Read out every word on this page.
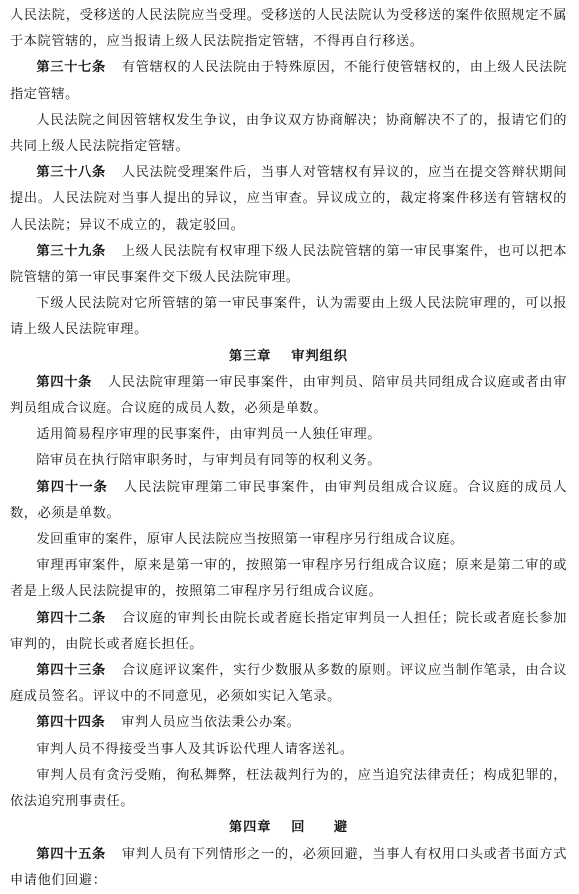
人民法院，受移送的人民法院应当受理。受移送的人民法院认为受移送的案件依照规定不属于本院管辖的，应当报请上级人民法院指定管辖，不得再自行移送。

第三十七条 有管辖权的人民法院由于特殊原因，不能行使管辖权的，由上级人民法院指定管辖。

人民法院之间因管辖权发生争议，由争议双方协商解决；协商解决不了的，报请它们的共同上级人民法院指定管辖。

第三十八条 人民法院受理案件后，当事人对管辖权有异议的，应当在提交答辩状期间提出。人民法院对当事人提出的异议，应当审查。异议成立的，裁定将案件移送有管辖权的人民法院；异议不成立的，裁定驳回。

第三十九条 上级人民法院有权审理下级人民法院管辖的第一审民事案件，也可以把本院管辖的第一审民事案件交下级人民法院审理。

下级人民法院对它所管辖的第一审民事案件，认为需要由上级人民法院审理的，可以报请上级人民法院审理。

第三章 审判组织

第四十条 人民法院审理第一审民事案件，由审判员、陪审员共同组成合议庭或者由审判员组成合议庭。合议庭的成员人数，必须是单数。

适用简易程序审理的民事案件，由审判员一人独任审理。

陪审员在执行陪审职务时，与审判员有同等的权利义务。

第四十一条 人民法院审理第二审民事案件，由审判员组成合议庭。合议庭的成员人数，必须是单数。

发回重审的案件，原审人民法院应当按照第一审程序另行组成合议庭。

审理再审案件，原来是第一审的，按照第一审程序另行组成合议庭；原来是第二审的或者是上级人民法院提审的，按照第二审程序另行组成合议庭。

第四十二条 合议庭的审判长由院长或者庭长指定审判员一人担任；院长或者庭长参加审判的，由院长或者庭长担任。

第四十三条 合议庭评议案件，实行少数服从多数的原则。评议应当制作笔录，由合议庭成员签名。评议中的不同意见，必须如实记入笔录。

第四十四条 审判人员应当依法秉公办案。

审判人员不得接受当事人及其诉讼代理人请客送礼。

审判人员有贪污受贿，徇私舞弊，枉法裁判行为的，应当追究法律责任；构成犯罪的，依法追究刑事责任。

第四章 回　　避

第四十五条 审判人员有下列情形之一的，必须回避，当事人有权用口头或者书面方式申请他们回避：
